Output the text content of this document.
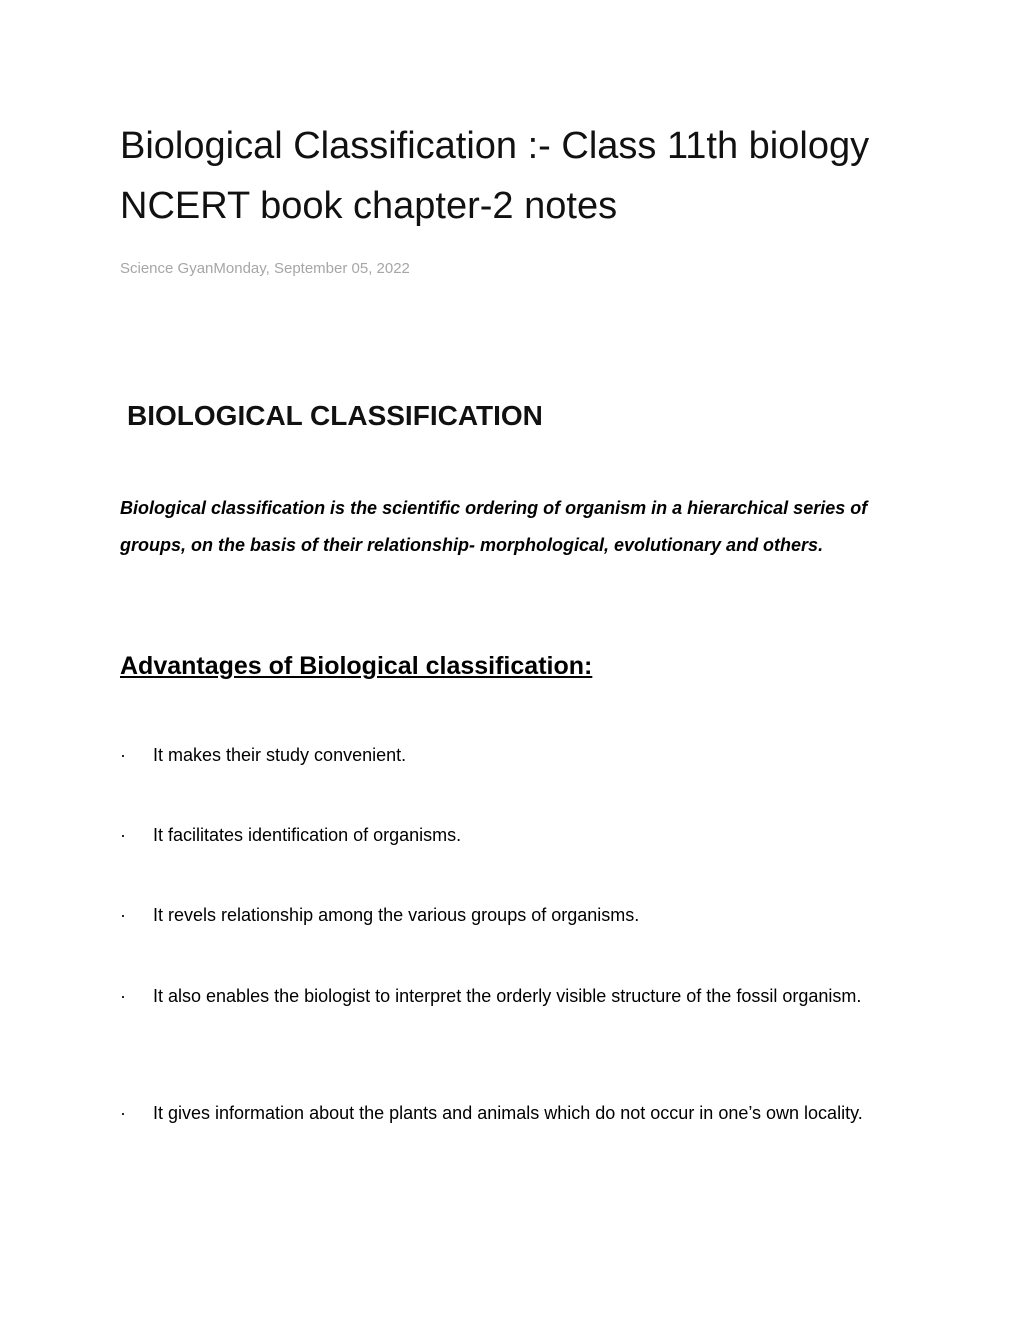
Biological Classification :- Class 11th biology NCERT book chapter-2 notes
Science GyanMonday, September 05, 2022
BIOLOGICAL CLASSIFICATION

Biological classification is the scientific ordering of organism in a hierarchical series of groups, on the basis of their relationship- morphological, evolutionary and others.

Advantages of Biological classification:
·	It makes their study convenient.
·	It facilitates identification of organisms.
·	It revels relationship among the various groups of organisms.
·	It also enables the biologist to interpret the orderly visible structure of the fossil organism.
·	It gives information about the plants and animals which do not occur in one’s own locality.
